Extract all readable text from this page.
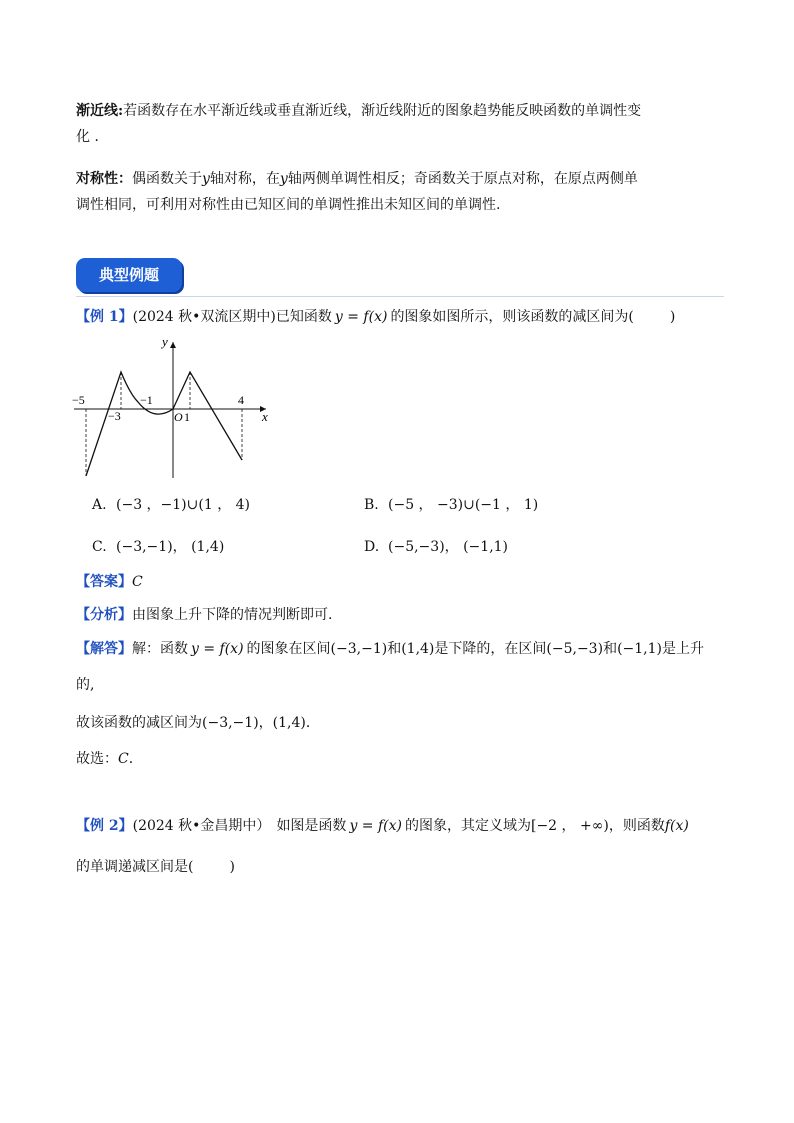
渐近线:若函数存在水平渐近线或垂直渐近线，渐近线附近的图象趋势能反映函数的单调性变
化 ．
对称性：偶函数关于y轴对称，在y轴两侧单调性相反；奇函数关于原点对称，在原点两侧单
调性相同，可利用对称性由已知区间的单调性推出未知区间的单调性.
典型例题
【例 1】(2024 秋•双流区期中)已知函数 y = f(x) 的图象如图所示，则该函数的减区间为(	)
y
x
O
−5
−3
−1
1
4
A. (−3 ，−1)∪(1 ， 4)	B. (−5 ， −3)∪(−1 ， 1)
C. (−3,−1)， (1,4)	D. (−5,−3)， (−1,1)
【答案】C
【分析】由图象上升下降的情况判断即可.
【解答】解：函数 y = f(x) 的图象在区间(−3,−1)和(1,4)是下降的，在区间(−5,−3)和(−1,1)是上升
的,
故该函数的减区间为(−3,−1)，(1,4)．
故选：C．
【例 2】(2024 秋•金昌期中） 如图是函数 y = f(x) 的图象，其定义域为[−2 ， +∞)，则函数f(x)
的单调递减区间是(	)
